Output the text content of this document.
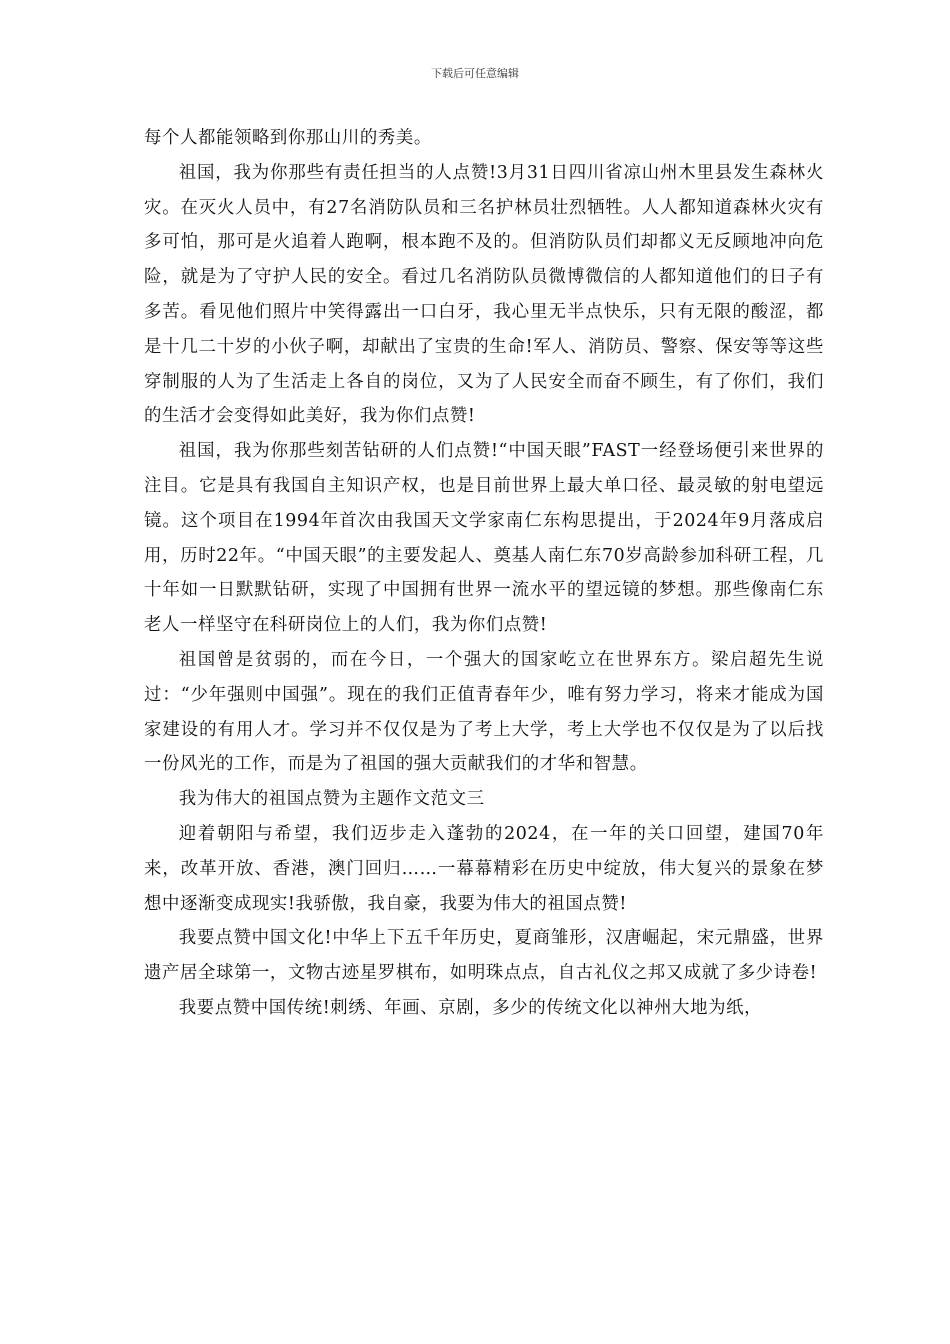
下载后可任意编辑

每个人都能领略到你那山川的秀美。

祖国，我为你那些有责任担当的人点赞!3月31日四川省凉山州木里县发生森林火灾。在灭火人员中，有27名消防队员和三名护林员壮烈牺牲。人人都知道森林火灾有多可怕，那可是火追着人跑啊，根本跑不及的。但消防队员们却都义无反顾地冲向危险，就是为了守护人民的安全。看过几名消防队员微博微信的人都知道他们的日子有多苦。看见他们照片中笑得露出一口白牙，我心里无半点快乐，只有无限的酸涩，都是十几二十岁的小伙子啊，却献出了宝贵的生命!军人、消防员、警察、保安等等这些穿制服的人为了生活走上各自的岗位，又为了人民安全而奋不顾生，有了你们，我们的生活才会变得如此美好，我为你们点赞!

祖国，我为你那些刻苦钻研的人们点赞!“中国天眼”FAST一经登场便引来世界的注目。它是具有我国自主知识产权，也是目前世界上最大单口径、最灵敏的射电望远镜。这个项目在1994年首次由我国天文学家南仁东构思提出，于2024年9月落成启用，历时22年。“中国天眼”的主要发起人、奠基人南仁东70岁高龄参加科研工程，几十年如一日默默钻研，实现了中国拥有世界一流水平的望远镜的梦想。那些像南仁东老人一样坚守在科研岗位上的人们，我为你们点赞!

祖国曾是贫弱的，而在今日，一个强大的国家屹立在世界东方。梁启超先生说过：“少年强则中国强”。现在的我们正值青春年少，唯有努力学习，将来才能成为国家建设的有用人才。学习并不仅仅是为了考上大学，考上大学也不仅仅是为了以后找一份风光的工作，而是为了祖国的强大贡献我们的才华和智慧。

我为伟大的祖国点赞为主题作文范文三

迎着朝阳与希望，我们迈步走入蓬勃的2024，在一年的关口回望，建国70年来，改革开放、香港，澳门回归……一幕幕精彩在历史中绽放，伟大复兴的景象在梦想中逐渐变成现实!我骄傲，我自豪，我要为伟大的祖国点赞!

我要点赞中国文化!中华上下五千年历史，夏商雏形，汉唐崛起，宋元鼎盛，世界遗产居全球第一，文物古迹星罗棋布，如明珠点点，自古礼仪之邦又成就了多少诗卷!

我要点赞中国传统!刺绣、年画、京剧，多少的传统文化以神州大地为纸，
